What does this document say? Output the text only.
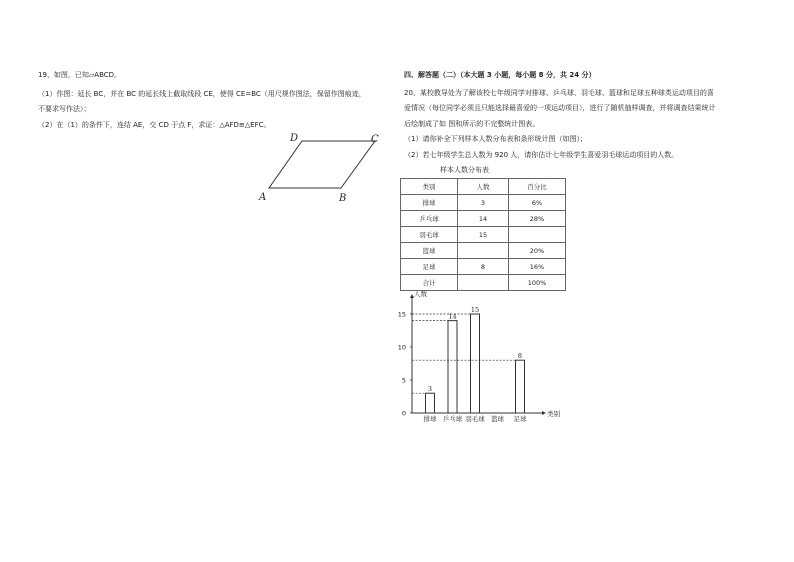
19、如图，已知▱ABCD。
（1）作图：延长 BC，并在 BC 的延长线上截取线段 CE，使得 CE=BC（用尺规作图法，保留作图痕迹，
不要求写作法）；
（2）在（1）的条件下，连结 AE，交 CD 于点 F，求证：△AFD≌△EFC。
A	B
C
D
四、解答题（二）（本大题 3 小题，每小题 8 分，共 24 分）
20、某校教导处为了解该校七年级同学对排球、乒乓球、羽毛球、篮球和足球五种球类运动项目的喜
爱情况（每位同学必须且只能选择最喜爱的一项运动项目），进行了随机抽样调查，并将调查结果统计
后绘制成了如 图和所示的不完整统计图表。
（1）请你补全下列样本人数分布表和条形统计图（如图）；
（2）若七年级学生总人数为 920 人，请你估计七年级学生喜爱羽毛球运动项目的人数。
样本人数分布表
类别	人数	百分比
排球	3	6%
乒乓球	14	28%
羽毛球	15	
篮球		20%
足球	8	16%
合计		100%
人数
类别
0
5
10
15
3
排球
14
乒乓球
15
羽毛球 篮球
8
足球
